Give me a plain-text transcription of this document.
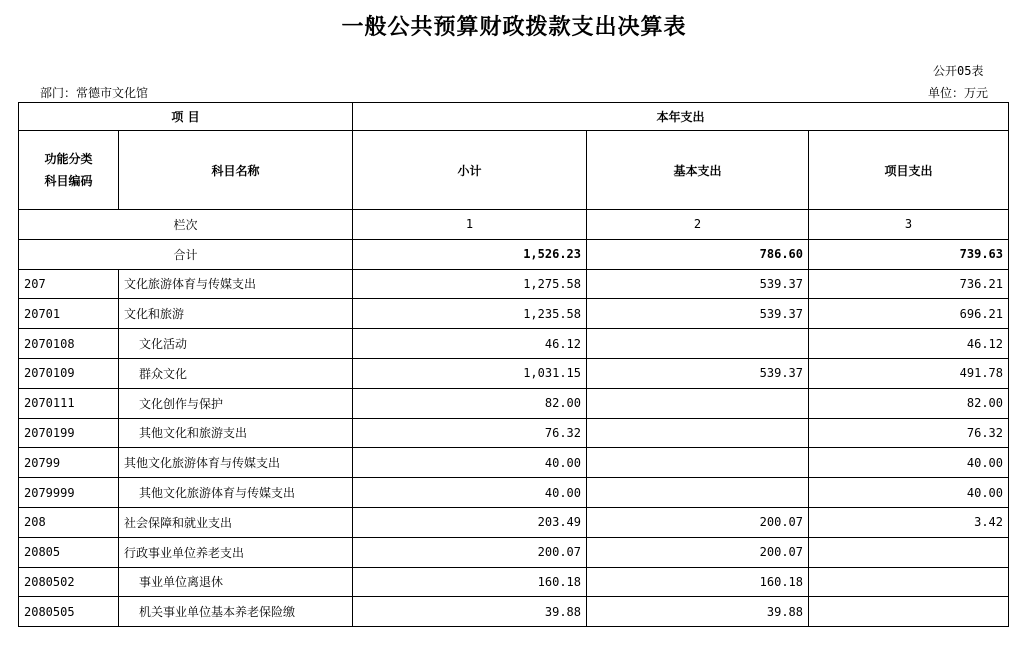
一般公共预算财政拨款支出决算表
公开05表
部门：常德市文化馆	单位：万元
项 目		本年支出		

功能分类
科目编码	科目名称	小计	基本支出	项目支出
栏次		1	2	3
合计		1,526.23	786.60	739.63
207	文化旅游体育与传媒支出	1,275.58	539.37	736.21
20701	文化和旅游	1,235.58	539.37	696.21
2070108	文化活动	46.12		46.12
2070109	群众文化	1,031.15	539.37	491.78
2070111	文化创作与保护	82.00		82.00
2070199	其他文化和旅游支出	76.32		76.32
20799	其他文化旅游体育与传媒支出	40.00		40.00
2079999	其他文化旅游体育与传媒支出	40.00		40.00
208	社会保障和就业支出	203.49	200.07	3.42
20805	行政事业单位养老支出	200.07	200.07	
2080502	事业单位离退休	160.18	160.18	
2080505	机关事业单位基本养老保险缴	39.88	39.88	
